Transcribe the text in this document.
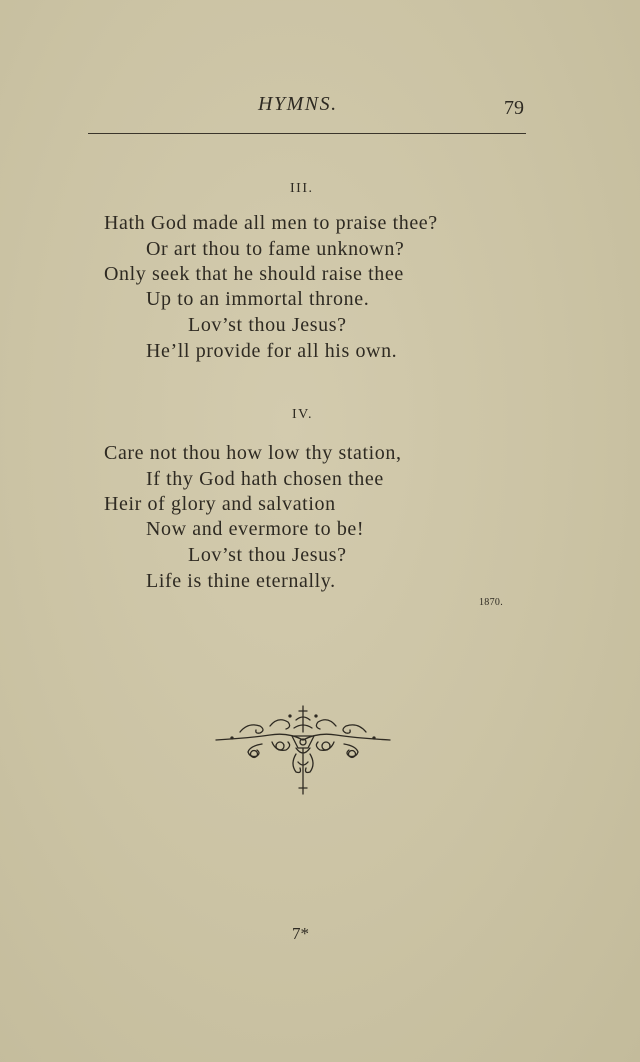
HYMNS.	79
III.
Hath God made all men to praise thee?
Or art thou to fame unknown?
Only seek that he should raise thee
Up to an immortal throne.
Lov’st thou Jesus?
He’ll provide for all his own.
IV.
Care not thou how low thy station,
If thy God hath chosen thee
Heir of glory and salvation
Now and evermore to be!
Lov’st thou Jesus?
Life is thine eternally.
1870.
7*
